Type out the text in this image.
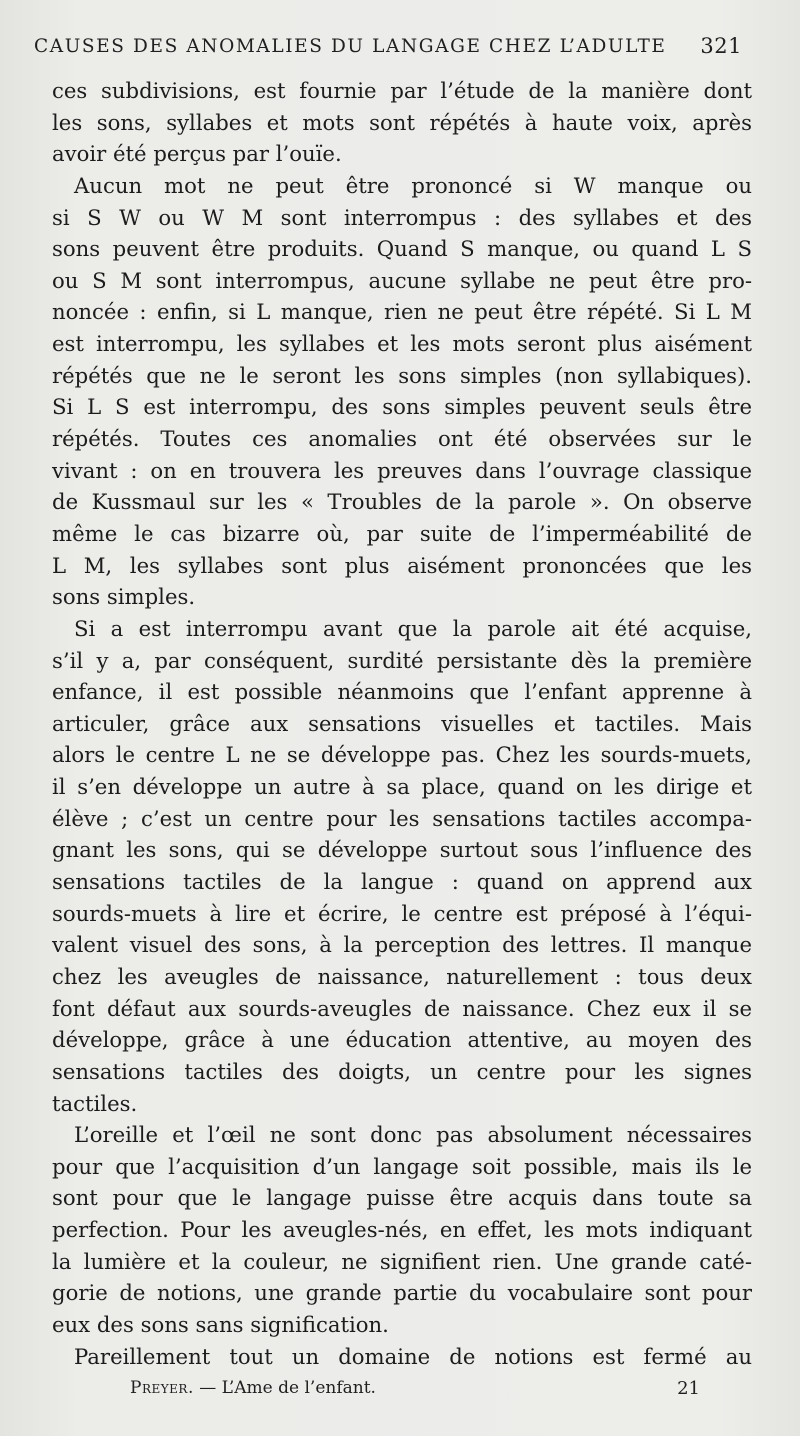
CAUSES DES ANOMALIES DU LANGAGE CHEZ L’ADULTE 321

ces subdivisions, est fournie par l’étude de la manière dont
les sons, syllabes et mots sont répétés à haute voix, après
avoir été perçus par l’ouïe.

Aucun mot ne peut être prononcé si W manque ou
si S W ou W M sont interrompus : des syllabes et des
sons peuvent être produits. Quand S manque, ou quand L S
ou S M sont interrompus, aucune syllabe ne peut être pro-
noncée : enfin, si L manque, rien ne peut être répété. Si L M
est interrompu, les syllabes et les mots seront plus aisément
répétés que ne le seront les sons simples (non syllabiques).
Si L S est interrompu, des sons simples peuvent seuls être
répétés. Toutes ces anomalies ont été observées sur le
vivant : on en trouvera les preuves dans l’ouvrage classique
de Kussmaul sur les « Troubles de la parole ». On observe
même le cas bizarre où, par suite de l’imperméabilité de
L M, les syllabes sont plus aisément prononcées que les
sons simples.

Si a est interrompu avant que la parole ait été acquise,
s’il y a, par conséquent, surdité persistante dès la première
enfance, il est possible néanmoins que l’enfant apprenne à
articuler, grâce aux sensations visuelles et tactiles. Mais
alors le centre L ne se développe pas. Chez les sourds-muets,
il s’en développe un autre à sa place, quand on les dirige et
élève ; c’est un centre pour les sensations tactiles accompa-
gnant les sons, qui se développe surtout sous l’influence des
sensations tactiles de la langue : quand on apprend aux
sourds-muets à lire et écrire, le centre est préposé à l’équi-
valent visuel des sons, à la perception des lettres. Il manque
chez les aveugles de naissance, naturellement : tous deux
font défaut aux sourds-aveugles de naissance. Chez eux il se
développe, grâce à une éducation attentive, au moyen des
sensations tactiles des doigts, un centre pour les signes
tactiles.

L’oreille et l’œil ne sont donc pas absolument nécessaires
pour que l’acquisition d’un langage soit possible, mais ils le
sont pour que le langage puisse être acquis dans toute sa
perfection. Pour les aveugles-nés, en effet, les mots indiquant
la lumière et la couleur, ne signifient rien. Une grande caté-
gorie de notions, une grande partie du vocabulaire sont pour
eux des sons sans signification.

Pareillement tout un domaine de notions est fermé au

Preyer. — L’Ame de l’enfant.	21
